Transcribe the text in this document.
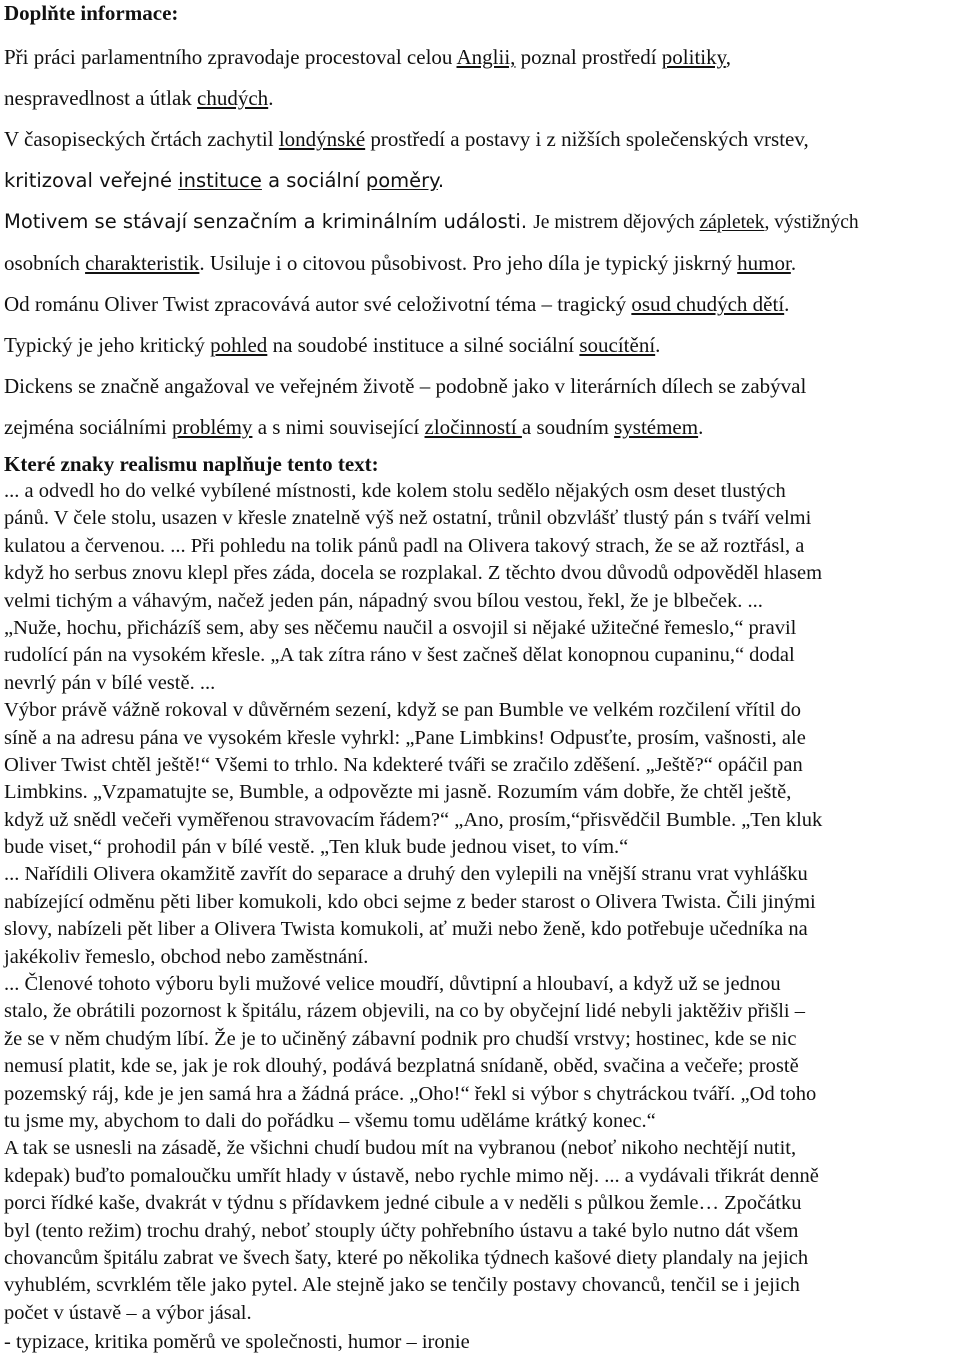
Doplňte informace:

Při práci parlamentního zpravodaje procestoval celou Anglii, poznal prostředí politiky,

nespravedlnost a útlak chudých.

V časopiseckých črtách zachytil londýnské prostředí a postavy i z nižších společenských vrstev,

kritizoval veřejné instituce a sociální poměry.

Motivem se stávají senzačním a kriminálním události. Je mistrem dějových zápletek, výstižných

osobních charakteristik. Usiluje i o citovou působivost. Pro jeho díla je typický jiskrný humor.

Od románu Oliver Twist zpracovává autor své celoživotní téma – tragický osud chudých dětí.

Typický je jeho kritický pohled na soudobé instituce a silné sociální soucítění.

Dickens se značně angažoval ve veřejném životě – podobně jako v literárních dílech se zabýval

zejména sociálními problémy a s nimi související zločinností a soudním systémem.

Které znaky realismu naplňuje tento text:
... a odvedl ho do velké vybílené místnosti, kde kolem stolu sedělo nějakých osm deset tlustých
pánů. V čele stolu, usazen v křesle znatelně výš než ostatní, trůnil obzvlášť tlustý pán s tváří velmi
kulatou a červenou. ... Při pohledu na tolik pánů padl na Olivera takový strach, že se až roztřásl, a
když ho serbus znovu klepl přes záda, docela se rozplakal. Z těchto dvou důvodů odpověděl hlasem
velmi tichým a váhavým, načež jeden pán, nápadný svou bílou vestou, řekl, že je blbeček. ...
„Nuže, hochu, přicházíš sem, aby ses něčemu naučil a osvojil si nějaké užitečné řemeslo,“ pravil
rudolící pán na vysokém křesle. „A tak zítra ráno v šest začneš dělat konopnou cupaninu,“ dodal
nevrlý pán v bílé vestě. ...
Výbor právě vážně rokoval v důvěrném sezení, když se pan Bumble ve velkém rozčilení vřítil do
síně a na adresu pána ve vysokém křesle vyhrkl: „Pane Limbkins! Odpusťte, prosím, vašnosti, ale
Oliver Twist chtěl ještě!“ Všemi to trhlo. Na kdekteré tváři se zračilo zděšení. „Ještě?“ opáčil pan
Limbkins. „Vzpamatujte se, Bumble, a odpovězte mi jasně. Rozumím vám dobře, že chtěl ještě,
když už snědl večeři vyměřenou stravovacím řádem?“ „Ano, prosím,“přisvědčil Bumble. „Ten kluk
bude viset,“ prohodil pán v bílé vestě. „Ten kluk bude jednou viset, to vím.“
... Nařídili Olivera okamžitě zavřít do separace a druhý den vylepili na vnější stranu vrat vyhlášku
nabízející odměnu pěti liber komukoli, kdo obci sejme z beder starost o Olivera Twista. Čili jinými
slovy, nabízeli pět liber a Olivera Twista komukoli, ať muži nebo ženě, kdo potřebuje učedníka na
jakékoliv řemeslo, obchod nebo zaměstnání.
... Členové tohoto výboru byli mužové velice moudří, důvtipní a hloubaví, a když už se jednou
stalo, že obrátili pozornost k špitálu, rázem objevili, na co by obyčejní lidé nebyli jaktěživ přišli –
že se v něm chudým líbí. Že je to učiněný zábavní podnik pro chudší vrstvy; hostinec, kde se nic
nemusí platit, kde se, jak je rok dlouhý, podává bezplatná snídaně, oběd, svačina a večeře; prostě
pozemský ráj, kde je jen samá hra a žádná práce. „Oho!“ řekl si výbor s chytráckou tváří. „Od toho
tu jsme my, abychom to dali do pořádku – všemu tomu uděláme krátký konec.“
A tak se usnesli na zásadě, že všichni chudí budou mít na vybranou (neboť nikoho nechtějí nutit,
kdepak) buďto pomaloučku umřít hlady v ústavě, nebo rychle mimo něj. ... a vydávali třikrát denně
porci řídké kaše, dvakrát v týdnu s přídavkem jedné cibule a v neděli s půlkou žemle… Zpočátku
byl (tento režim) trochu drahý, neboť stouply účty pohřebního ústavu a také bylo nutno dát všem
chovancům špitálu zabrat ve švech šaty, které po několika týdnech kašové diety plandaly na jejich
vyhublém, scvrklém těle jako pytel. Ale stejně jako se tenčily postavy chovanců, tenčil se i jejich
počet v ústavě – a výbor jásal.
- typizace, kritika poměrů ve společnosti, humor – ironie
